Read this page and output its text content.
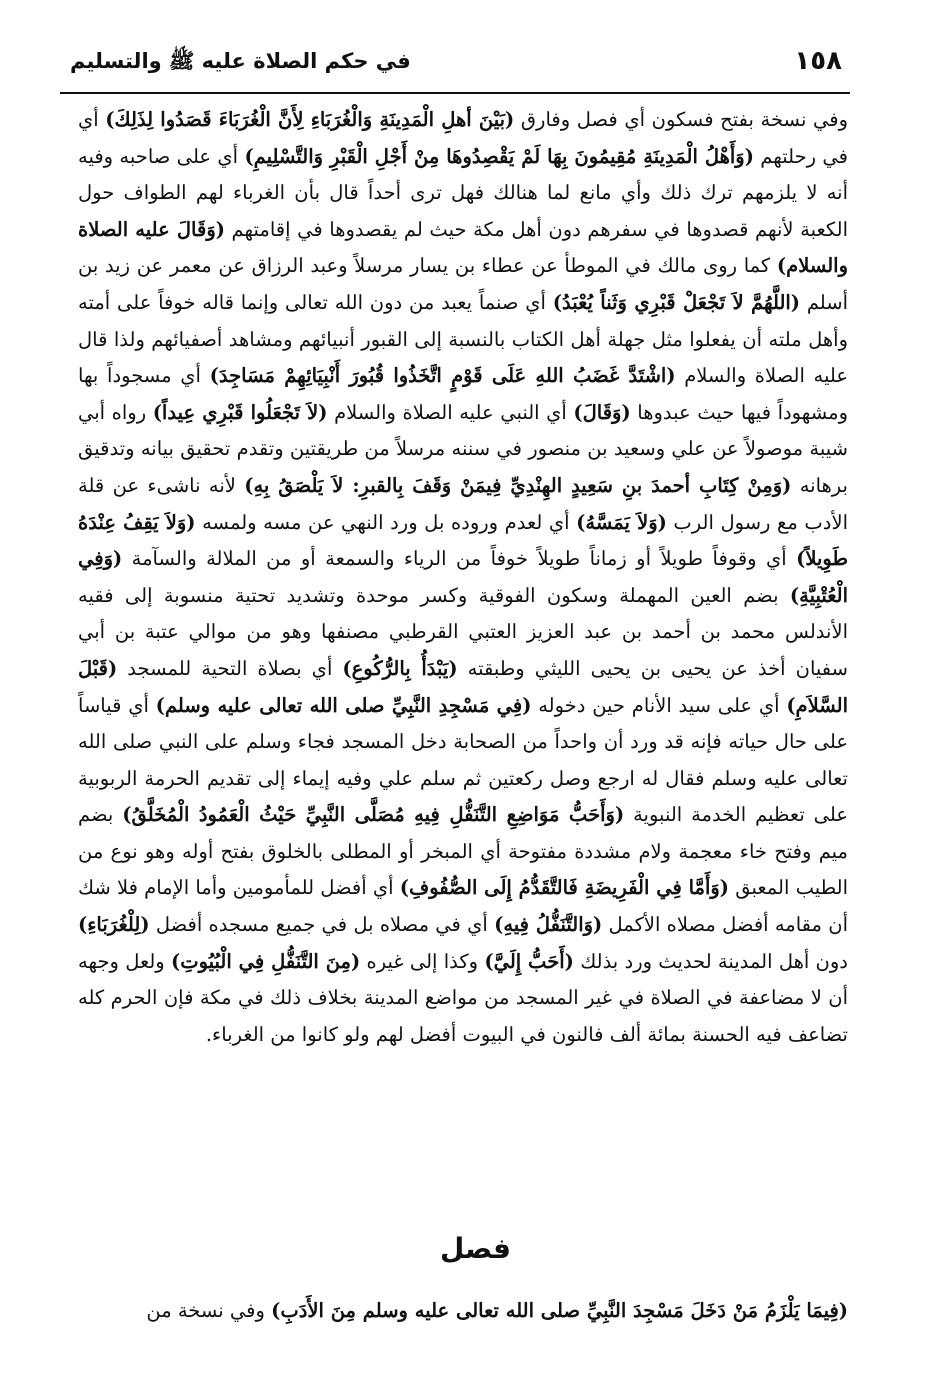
١٥٨
في حكم الصلاة عليه ﷺ والتسليم

وفي نسخة بفتح فسكون أي فصل وفارق (بَيْنَ أهلِ الْمَدِينَةِ وَالْغُرَبَاءِ لِأَنَّ الْغُرَبَاءَ قَصَدُوا لِذَلِكَ) أي في رحلتهم (وَأَهْلُ الْمَدِينَةِ مُقِيمُونَ بِهَا لَمْ يَقْصِدُوهَا مِنْ أَجْلِ الْقَبْرِ وَالتَّسْلِيمِ) أي على صاحبه وفيه أنه لا يلزمهم ترك ذلك وأي مانع لما هنالك فهل ترى أحداً قال بأن الغرباء لهم الطواف حول الكعبة لأنهم قصدوها في سفرهم دون أهل مكة حيث لم يقصدوها في إقامتهم (وَقَالَ عليه الصلاة والسلام) كما روى مالك في الموطأ عن عطاء بن يسار مرسلاً وعبد الرزاق عن معمر عن زيد بن أسلم (اللَّهُمَّ لاَ تَجْعَلْ قَبْرِي وَثَناً يُعْبَدُ) أي صنماً يعبد من دون الله تعالى وإنما قاله خوفاً على أمته وأهل ملته أن يفعلوا مثل جهلة أهل الكتاب بالنسبة إلى القبور أنبيائهم ومشاهد أصفيائهم ولذا قال عليه الصلاة والسلام (اشْتَدَّ غَضَبُ اللهِ عَلَى قَوْمٍ اتَّخَذُوا قُبُورَ أَنْبِيَائِهِمْ مَسَاجِدَ) أي مسجوداً بها ومشهوداً فيها حيث عبدوها (وَقَالَ) أي النبي عليه الصلاة والسلام (لاَ تَجْعَلُوا قَبْرِي عِيداً) رواه أبي شيبة موصولاً عن علي وسعيد بن منصور في سننه مرسلاً من طريقتين وتقدم تحقيق بيانه وتدقيق برهانه (وَمِنْ كِتَابِ أحمدَ بنِ سَعِيدٍ الهِنْدِيِّ فِيمَنْ وَقَفَ بِالقبرِ: لاَ يَلْصَقُ بِهِ) لأنه ناشىء عن قلة الأدب مع رسول الرب (وَلاَ يَمَسَّهُ) أي لعدم وروده بل ورد النهي عن مسه ولمسه (وَلاَ يَقِفُ عِنْدَهُ طَوِيلاً) أي وقوفاً طويلاً أو زماناً طويلاً خوفاً من الرياء والسمعة أو من الملالة والسآمة (وَفِي الْعُتْبِيَّةِ) بضم العين المهملة وسكون الفوقية وكسر موحدة وتشديد تحتية منسوبة إلى فقيه الأندلس محمد بن أحمد بن عبد العزيز العتبي القرطبي مصنفها وهو من موالي عتبة بن أبي سفيان أخذ عن يحيى بن يحيى الليثي وطبقته (يَبْدَأُ بِالرُّكُوعِ) أي بصلاة التحية للمسجد (قَبْلَ السَّلاَمِ) أي على سيد الأنام حين دخوله (فِي مَسْجِدِ النَّبِيِّ صلى الله تعالى عليه وسلم) أي قياساً على حال حياته فإنه قد ورد أن واحداً من الصحابة دخل المسجد فجاء وسلم على النبي صلى الله تعالى عليه وسلم فقال له ارجع وصل ركعتين ثم سلم علي وفيه إيماء إلى تقديم الحرمة الربوبية على تعظيم الخدمة النبوية (وَأَحَبُّ مَوَاضِعِ التَّنَفُّلِ فِيهِ مُصَلَّى النَّبِيِّ حَيْثُ الْعَمُودُ الْمُخَلَّقُ) بضم ميم وفتح خاء معجمة ولام مشددة مفتوحة أي المبخر أو المطلى بالخلوق بفتح أوله وهو نوع من الطيب المعبق (وَأَمَّا فِي الْفَرِيضَةِ فَالتَّقَدُّمُ إِلَى الصُّفُوفِ) أي أفضل للمأمومين وأما الإمام فلا شك أن مقامه أفضل مصلاه الأكمل (وَالتَّنَفُّلُ فِيهِ) أي في مصلاه بل في جميع مسجده أفضل (لِلْغُرَبَاءِ) دون أهل المدينة لحديث ورد بذلك (أَحَبُّ إِلَيَّ) وكذا إلى غيره (مِنَ التَّنَفُّلِ فِي الْبُيُوتِ) ولعل وجهه أن لا مضاعفة في الصلاة في غير المسجد من مواضع المدينة بخلاف ذلك في مكة فإن الحرم كله تضاعف فيه الحسنة بمائة ألف فالنون في البيوت أفضل لهم ولو كانوا من الغرباء.

فصل

(فِيمَا يَلْزَمُ مَنْ دَخَلَ مَسْجِدَ النَّبِيِّ صلى الله تعالى عليه وسلم مِنَ الأَدَبِ) وفي نسخة من
